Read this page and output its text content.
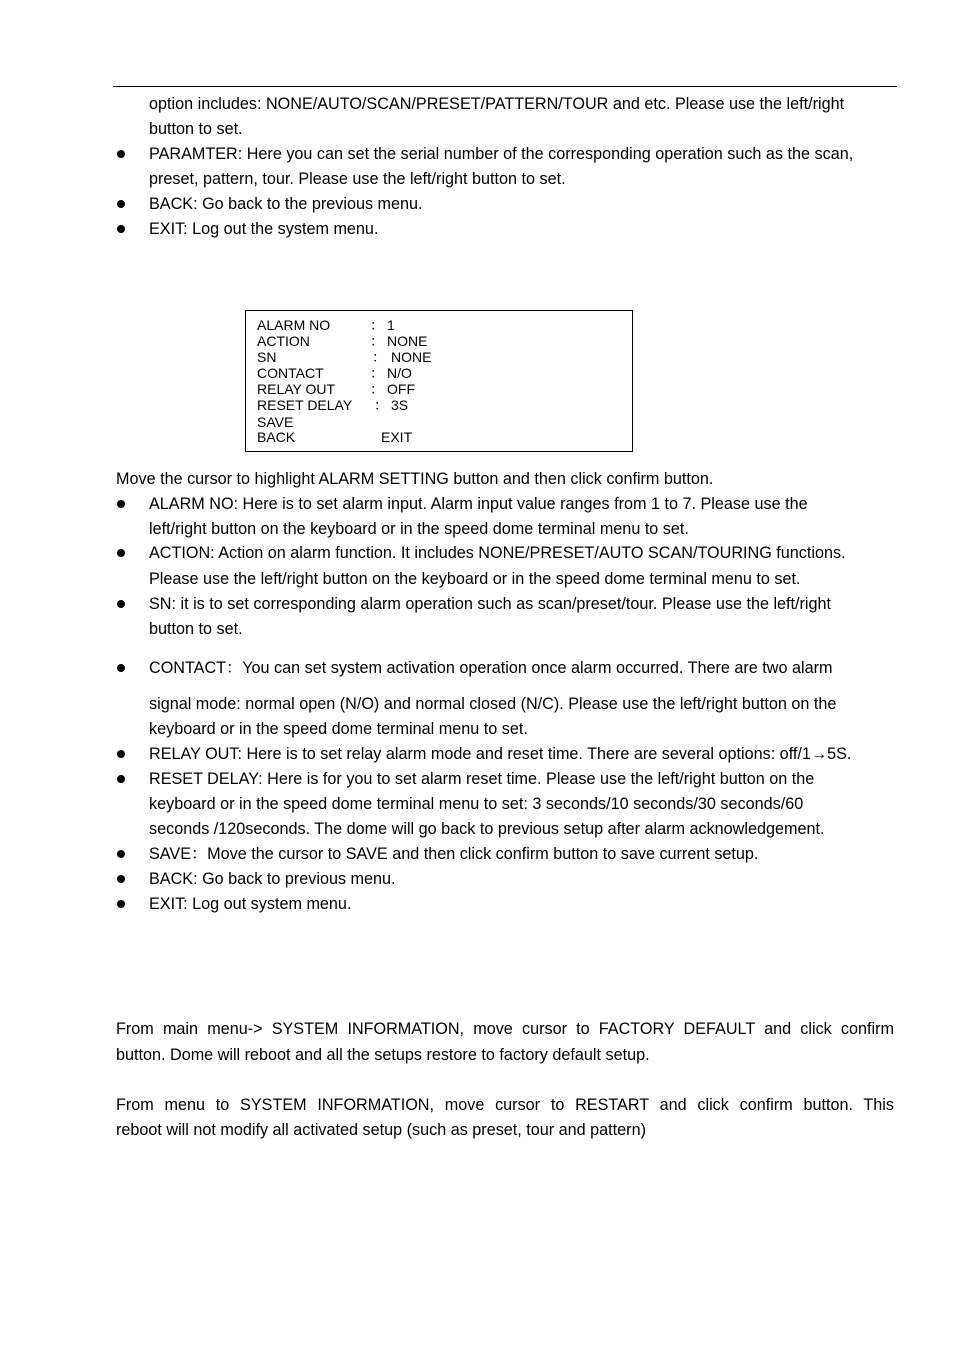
option includes: NONE/AUTO/SCAN/PRESET/PATTERN/TOUR and etc. Please use the left/right
button to set.
PARAMTER: Here you can set the serial number of the corresponding operation such as the scan,
preset, pattern, tour. Please use the left/right button to set.
BACK: Go back to the previous menu.
EXIT: Log out the system menu.
ALARM NO	： 1
ACTION	： NONE
SN	： NONE
CONTACT	： N/O
RELAY OUT ： OFF
RESET DELAY ： 3S
SAVE
BACK	EXIT
Move the cursor to highlight ALARM SETTING button and then click confirm button.
ALARM NO: Here is to set alarm input. Alarm input value ranges from 1 to 7. Please use the
left/right button on the keyboard or in the speed dome terminal menu to set.
ACTION: Action on alarm function. It includes NONE/PRESET/AUTO SCAN/TOURING functions.
Please use the left/right button on the keyboard or in the speed dome terminal menu to set.
SN: it is to set corresponding alarm operation such as scan/preset/tour. Please use the left/right
button to set.
CONTACT：You can set system activation operation once alarm occurred. There are two alarm
signal mode: normal open (N/O) and normal closed (N/C). Please use the left/right button on the
keyboard or in the speed dome terminal menu to set.
RELAY OUT: Here is to set relay alarm mode and reset time. There are several options: off/1→5S.
RESET DELAY: Here is for you to set alarm reset time. Please use the left/right button on the
keyboard or in the speed dome terminal menu to set: 3 seconds/10 seconds/30 seconds/60
seconds /120seconds. The dome will go back to previous setup after alarm acknowledgement.
SAVE：Move the cursor to SAVE and then click confirm button to save current setup.
BACK: Go back to previous menu.
EXIT: Log out system menu.
From main menu-> SYSTEM INFORMATION, move cursor to FACTORY DEFAULT and click confirm
button. Dome will reboot and all the setups restore to factory default setup.
From menu to SYSTEM INFORMATION, move cursor to RESTART and click confirm button. This
reboot will not modify all activated setup (such as preset, tour and pattern)
